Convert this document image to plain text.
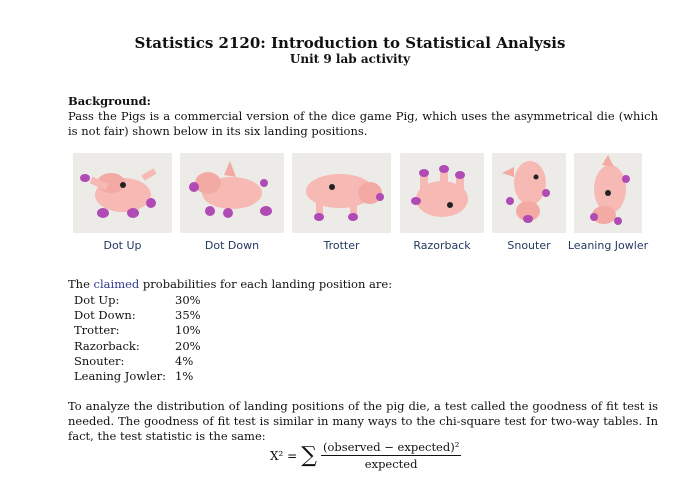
Statistics 2120: Introduction to Statistical Analysis
Unit 9 lab activity
Background:
Pass the Pigs is a commercial version of the dice game Pig, which uses the asymmetrical die (which is not fair) shown below in its six landing positions.
Dot Up	Dot Down	Trotter	Razorback	Snouter	Leaning Jowler
The claimed probabilities for each landing position are:
Dot Up:	30%
Dot Down:	35%
Trotter:	10%
Razorback:	20%
Snouter:	4%
Leaning Jowler:	1%
To analyze the distribution of landing positions of the pig die, a test called the goodness of fit test is needed. The goodness of fit test is similar in many ways to the chi-square test for two-way tables. In fact, the test statistic is the same:
X² = ∑ $\frac{\text{(observed − expected)²}}{\text{expected}}$
